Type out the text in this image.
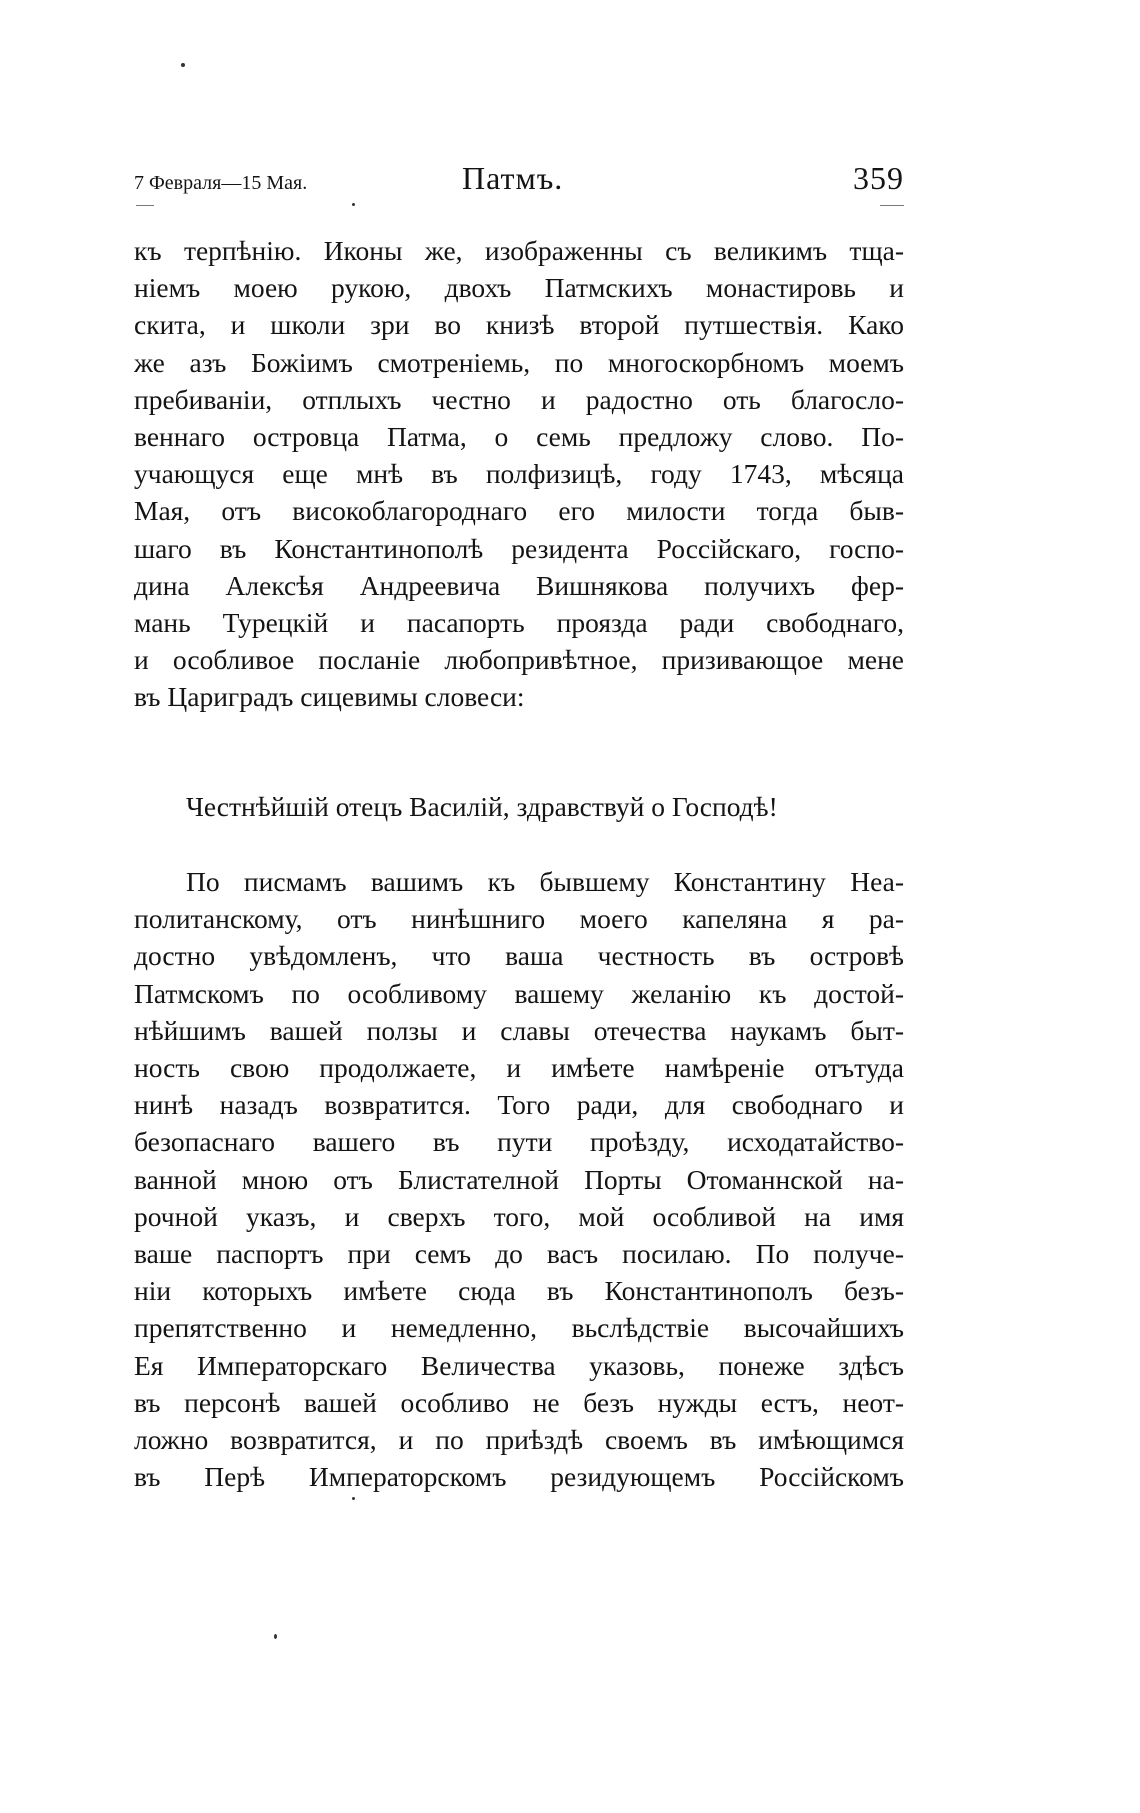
7 Февраля—15 Мая.	Патмъ.	359
къ терпѣнію. Иконы же, изображенны съ великимъ тща-
ніемъ моею рукою, двохъ Патмскихъ монастировь и
скита, и школи зри во книзѣ второй путшествія. Како
же азъ Божіимъ смотреніемь, по многоскорбномъ моемъ
пребиваніи, отплыхъ честно и радостно оть благосло-
веннаго островца Патма, о семь предложу слово. По-
учающуся еще мнѣ въ полфизицѣ, году 1743, мѣсяца
Мая, отъ високоблагороднаго его милости тогда быв-
шаго въ Константинополѣ резидента Россійскаго, госпо-
дина Алексѣя Андреевича Вишнякова получихъ фер-
мань Турецкій и пасапорть проязда ради свободнаго,
и особливое посланіе любопривѣтное, призивающое мене
въ Цариградъ сицевимы словеси:
Честнѣйшій отецъ Василій, здравствуй о Господѣ!
По писмамъ вашимъ къ бывшему Константину Неа-
политанскому, отъ нинѣшниго моего капеляна я ра-
достно увѣдомленъ, что ваша честность въ островѣ
Патмскомъ по особливому вашему желанію къ достой-
нѣйшимъ вашей ползы и славы отечества наукамъ быт-
ность свою продолжаете, и имѣете намѣреніе отътуда
нинѣ назадъ возвратится. Того ради, для свободнаго и
безопаснаго вашего въ пути проѣзду, исходатайство-
ванной мною отъ Блистателной Порты Отоманнской на-
рочной указъ, и сверхъ того, мой особливой на имя
ваше паспортъ при семъ до васъ посилаю. По получе-
ніи которыхъ имѣете сюда въ Константинополъ безъ-
препятственно и немедленно, вьслѣдствіе высочайшихъ
Ея Императорскаго Величества указовь, понеже здѣсъ
въ персонѣ вашей особливо не безъ нужды естъ, неот-
ложно возвратится, и по приѣздѣ своемъ въ имѣющимся
въ Перѣ Императорскомъ резидующемъ Россійскомъ
